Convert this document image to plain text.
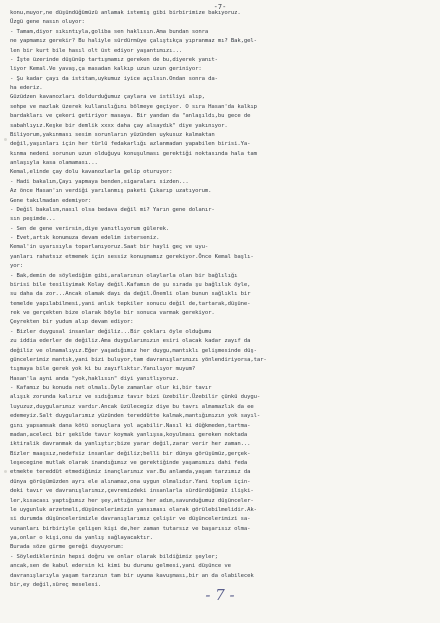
-7-
konu,muyor,ne düşündüğümüzü anlamak istemiş gibi birbirimize bakıyoruz.
Üzgü gene nasın oluyor:
- Tamam,diyor sıkıntıyla,goliba sen haklısın.Ama bundan sonra
ne yapmamız gerekir? Bu haliyle sürdürmüye çalıştıkça yıpranmaz mı? Bak,gel-
len bir kurt bile hasıl olt üst ediyor yaşantımızı...
- İşte üzerinde düşünüp tartışmamız gereken de bu,diyerek yanıt-
liyor Kemal.Ve yavaş,ça masadan kalkıp uzun uzun geriniyor:
- Şu kadar çayı da istitam,uykumuz iyice açılsın.Ondan sonra da-
ha ederiz.
Güzüdzen kavanozları doldurduğumuz çaylara ve istiliyi alıp,
sehpe ve mazlak üzerek kullanılığını bölmeye geçiyor. O sıra Hasan'da kalkıp
bardakları ve çekeri getiriyor masaya. Bir yandan da "anlaşıldı,bu gece de
sabahlıyız.Keşke bir demlik xxxx daha çay alsaydık" diye yakınıyor.
Biliyorum,yakınması sesim sorunların yüzünden uykusuz kalmaktan
değil,yaşınları için her türlü fedakarlığı azlanmadan yapabilen birisi.Ya-
kınma nedeni sorunun uzun olduğuyu konuşulması gerektiği noktasında hala tam
anlaşıyla kasa olamaması...
Kemal,elinde çay dolu kavanozlarla gelip oturuyor:
- Hadi bakalım,Çayı yapmaya benden,sigaraları sizden...
Az önce Hasan'ın verdiği yarılanmış paketi Çıkarıp uzatıyorum.
Gene takılmadan edemiyor:
- Değil bakalım,nasıl olsa bedava değil mi? Yarın gene dolanır-
sın peşimde...
- Sen de gene verirsin,diye yanıtlıyorum gülerek.
- Evet,artık konumuza devam edelim isterseniz.
Kemal'in uyarısıyla toparlanıyoruz.Saat bir hayli geç ve uyu-
yanları rahatsız etmemek için sessiz konuşmamız gerekiyor.Önce Kemal başlı-
yor:
- Bak,demin de söylediğim gibi,aralarının olaylarla olan bir bağlılığı
birisi bile tesiliyimak Kolay değil.Kafamın de şu sırada şu bağlılık öyle,
su daha da zor...Ancak olamak dayı da değil.Önemli olan bunun sağlıklı bir
temelde yapılabilmesi,yani anlık tepkiler sonucu değil de,tartarak,düşüne-
rek ve gerçekten bize olarak böyle bir sonuca varmak gerekiyor.
Çeyrekten bir yudum alıp devam ediyor:
- Bizler duygusal insanlar değiliz...Bir çokları öyle olduğumu
zu iddia ederler de değiliz.Ama duygularımızın esiri olacak kadar zayıf da
değiliz ve olmamalıyız.Eğer yaşadığımız her duygu,mantıklı gelişmesinde düş-
güncelerimiz mantık,yani bizi buluyor,tam davranışlarımızı yönlendiriyorsa,tar-
tışmaya bile gerek yok ki bu zayıflıktır.Yanılıyor muyum?
Hasan'la ayni anda "yok,haklısın" diyi yanıtlıyoruz.
- Kafamız bu konuda net olmalı.Öyle zamanlar olur ki,bir tavır
alışık zorunda kalırız ve sıdığımız tavır bizi üzebilir.Üzebilir çünkü duygu-
luyuzuz,duygularımız vardır.Ancak üzülecegiz diye bu tavrı almamazlık da ee
edemeyiz.Salt duygularımız yüzünden tereddütte kalmak,mantığımızın yok sayıl-
gını yapsamsak dana kötü sonuçlara yol açabilir.Nasıl ki düğkmeden,tartma-
madan,aceleci bir şekilde tavır koymak yanlışsa,koyulması gereken noktada
iktiralik davranmak da yanlıştır;bize yarar değil,zarar verir her zaman...
Bizler maaşsız,nedefsiz insanlar değiliz;belli bir dünya görüşümüz,gerçek-
leşecegine mutlak olarak inandığımız ve gerektiğinde yaşamımızı dahi feda
etmekte tereddüt etmediğimiz inançlarımız var.Bu anlamda,yaşam tarzımız da
dünya görüşümüzden ayrı ele alınamaz,ona uygun olmalıdır.Yani toplum için-
deki tavır ve davranışlarımız,çevremizdeki insanlarla sürdürdüğümüz ilişki-
ler,kısacası yaptığımız her şey,attığımız her adım,savunduğumuz düşünceler-
le uygunluk arzetmeli,düşüncelerimizin yansıması olarak görülebilmelidir.Ak-
si durumda düşüncelerimizle davranışlarımız çelişir ve düşüncelerimizi sa-
vunanları birbiriyle çelişen kişi de,her zaman tutarsız ve başarısız olma-
ya,onlar o kişi,onu da yanlış sağlayacaktır.
Burada söze girme gereği duyuyorum:
- Söylediklerinin hepsi doğru ve onlar olarak bildiğimiz şeyler;
ancak,sen de kabul edersin ki kimi bu durumu gelmesi,yani düşünce ve
davranışlarıyla yaşam tarzının tam bir uyuma kavuşması,bir an da olabilecek
bir,ey değil,süreç meselesi.
- 7 -
